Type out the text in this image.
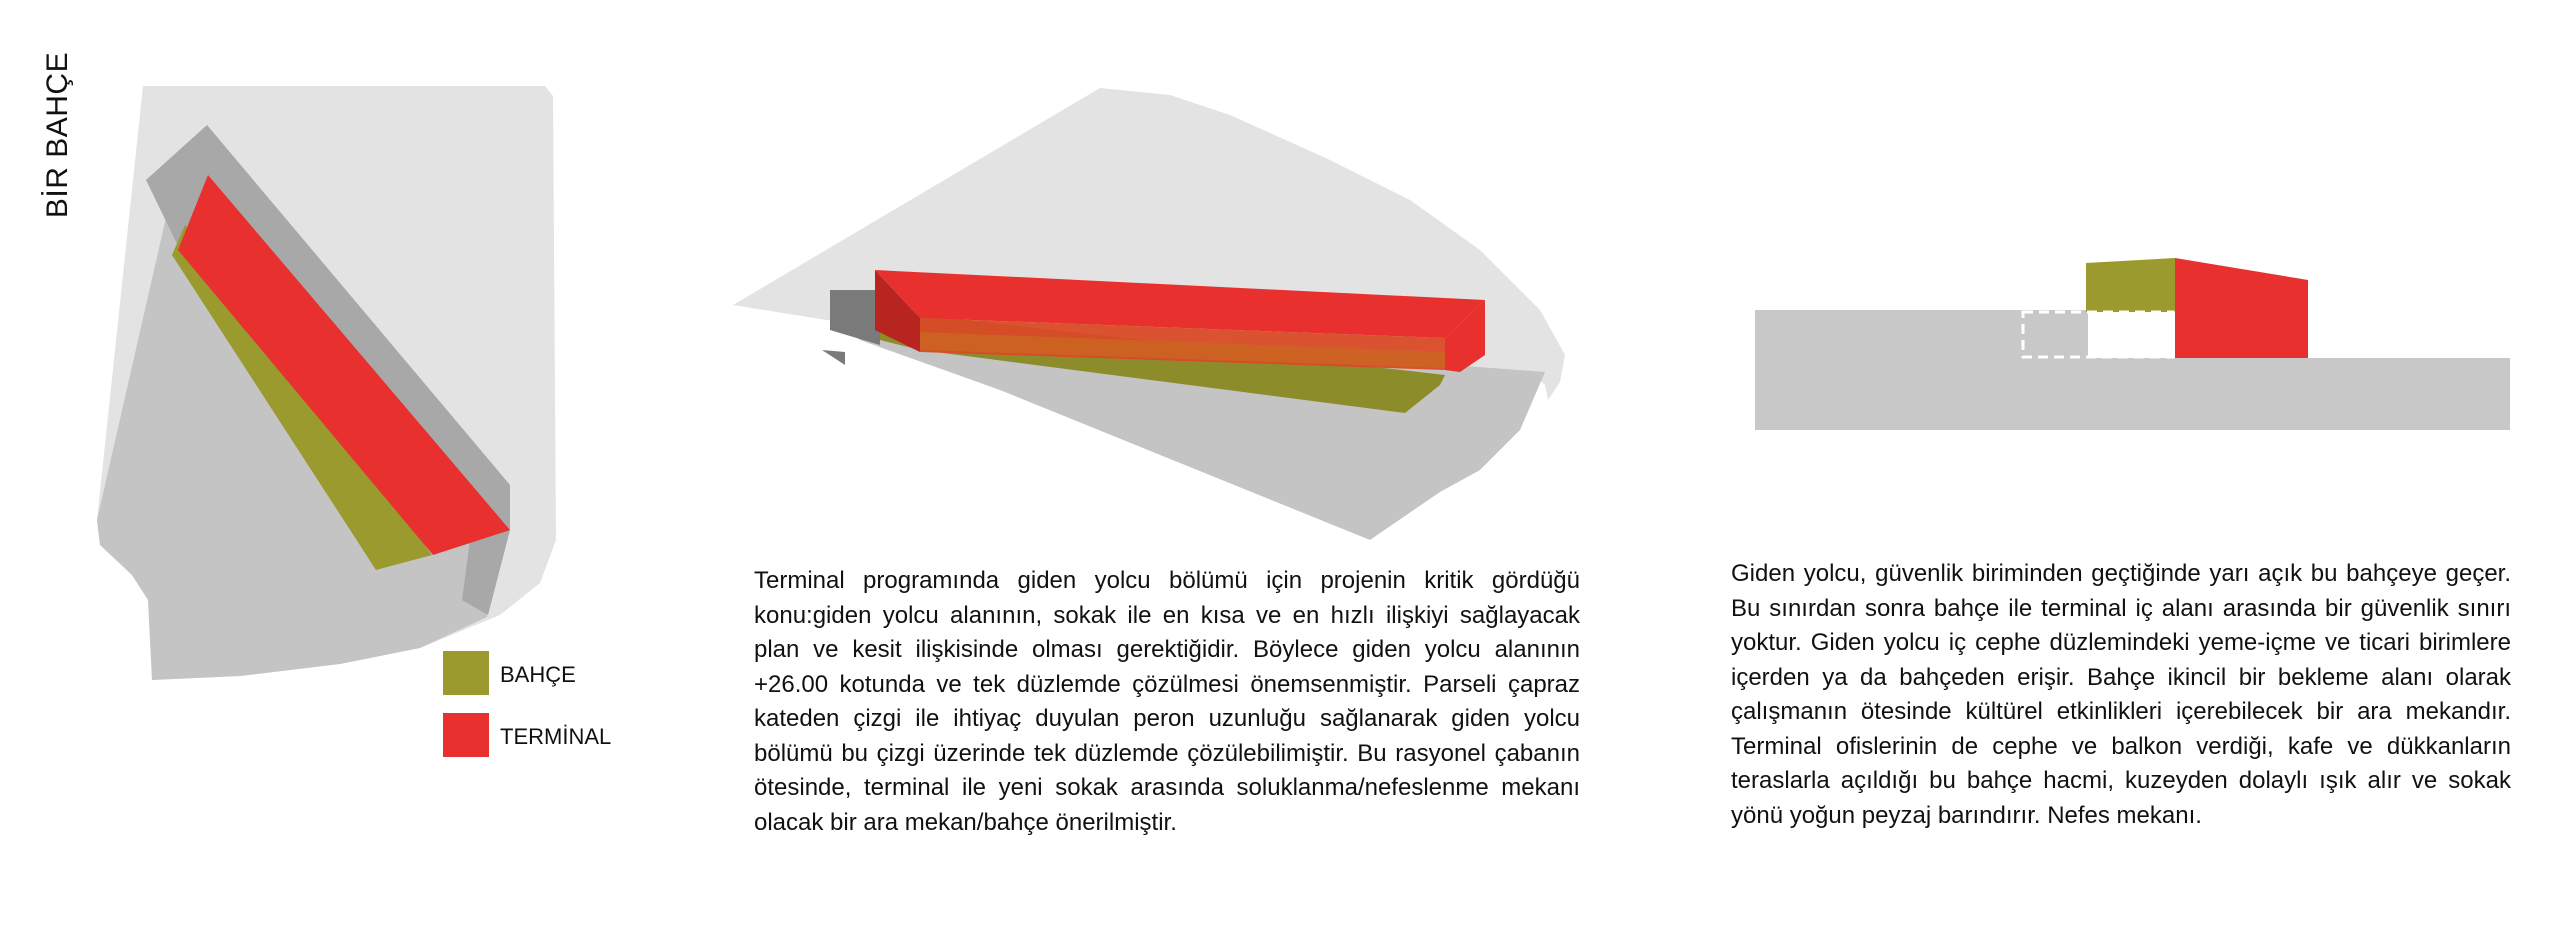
BİR BAHÇE
BAHÇE
TERMİNAL

Terminal programında giden yolcu bölümü için projenin kritik gördüğü konu:giden yolcu alanının, sokak ile en kısa ve en hızlı ilişkiyi sağlayacak plan ve kesit ilişkisinde olması gerektiğidir. Böylece giden yolcu alanının +26.00 kotunda ve tek düzlemde çözülmesi önemsenmiştir. Parseli çapraz kateden çizgi ile ihtiyaç duyulan peron uzunluğu sağlanarak giden yolcu bölümü bu çizgi üzerinde tek düzlemde çözülebilimiştir. Bu rasyonel çabanın ötesinde, terminal ile yeni sokak arasında soluklanma/nefeslenme mekanı olacak bir ara mekan/bahçe önerilmiştir.

Giden yolcu, güvenlik biriminden geçtiğinde yarı açık bu bahçeye geçer. Bu sınırdan sonra bahçe ile terminal iç alanı arasında bir güvenlik sınırı yoktur. Giden yolcu iç cephe düzlemindeki yeme-içme ve ticari birimlere içerden ya da bahçeden erişir. Bahçe ikincil bir bekleme alanı olarak çalışmanın ötesinde kültürel etkinlikleri içerebilecek bir ara mekandır. Terminal ofislerinin de cephe ve balkon verdiği, kafe ve dükkanların teraslarla açıldığı bu bahçe hacmi, kuzeyden dolaylı ışık alır ve sokak yönü yoğun peyzaj barındırır. Nefes mekanı.
